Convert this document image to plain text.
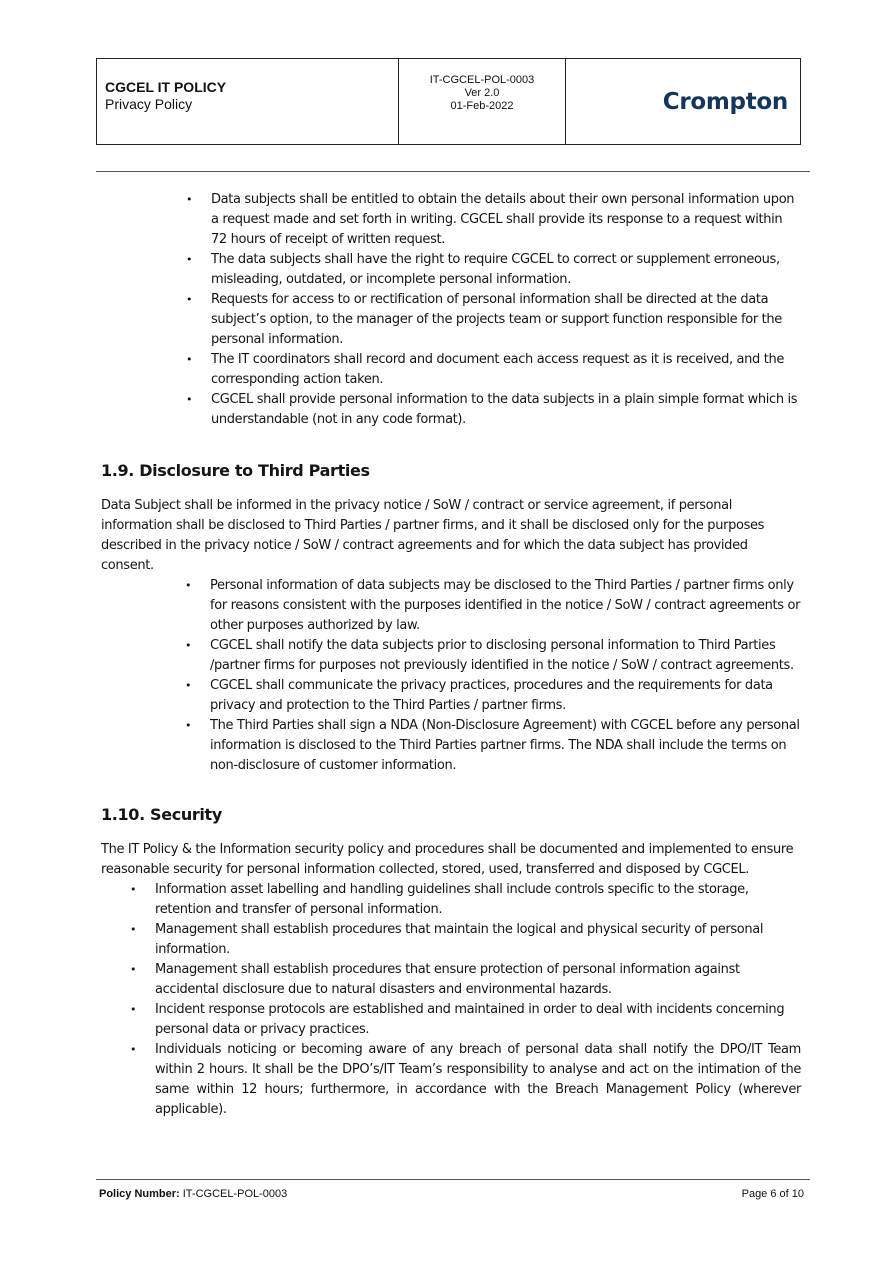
CGCEL IT POLICY
Privacy Policy
IT-CGCEL-POL-0003
Ver 2.0
01-Feb-2022	Crompton
• Data subjects shall be entitled to obtain the details about their own personal information upon a request made and set forth in writing. CGCEL shall provide its response to a request within 72 hours of receipt of written request.
• The data subjects shall have the right to require CGCEL to correct or supplement erroneous, misleading, outdated, or incomplete personal information.
• Requests for access to or rectification of personal information shall be directed at the data subject’s option, to the manager of the projects team or support function responsible for the personal information.
• The IT coordinators shall record and document each access request as it is received, and the corresponding action taken.
• CGCEL shall provide personal information to the data subjects in a plain simple format which is understandable (not in any code format).
1.9. Disclosure to Third Parties

Data Subject shall be informed in the privacy notice / SoW / contract or service agreement, if personal information shall be disclosed to Third Parties / partner firms, and it shall be disclosed only for the purposes described in the privacy notice / SoW / contract agreements and for which the data subject has provided consent.

• Personal information of data subjects may be disclosed to the Third Parties / partner firms only for reasons consistent with the purposes identified in the notice / SoW / contract agreements or other purposes authorized by law.
• CGCEL shall notify the data subjects prior to disclosing personal information to Third Parties /partner firms for purposes not previously identified in the notice / SoW / contract agreements.
• CGCEL shall communicate the privacy practices, procedures and the requirements for data privacy and protection to the Third Parties / partner firms.
• The Third Parties shall sign a NDA (Non-Disclosure Agreement) with CGCEL before any personal information is disclosed to the Third Parties partner firms. The NDA shall include the terms on non-disclosure of customer information.
1.10. Security

The IT Policy & the Information security policy and procedures shall be documented and implemented to ensure reasonable security for personal information collected, stored, used, transferred and disposed by CGCEL.

• Information asset labelling and handling guidelines shall include controls specific to the storage, retention and transfer of personal information.
• Management shall establish procedures that maintain the logical and physical security of personal information.
• Management shall establish procedures that ensure protection of personal information against accidental disclosure due to natural disasters and environmental hazards.
• Incident response protocols are established and maintained in order to deal with incidents concerning personal data or privacy practices.
• Individuals noticing or becoming aware of any breach of personal data shall notify the DPO/IT Team within 2 hours. It shall be the DPO’s/IT Team’s responsibility to analyse and act on the intimation of the same within 12 hours; furthermore, in accordance with the Breach Management Policy (wherever applicable).
Policy Number: IT-CGCEL-POL-0003	Page 6 of 10
